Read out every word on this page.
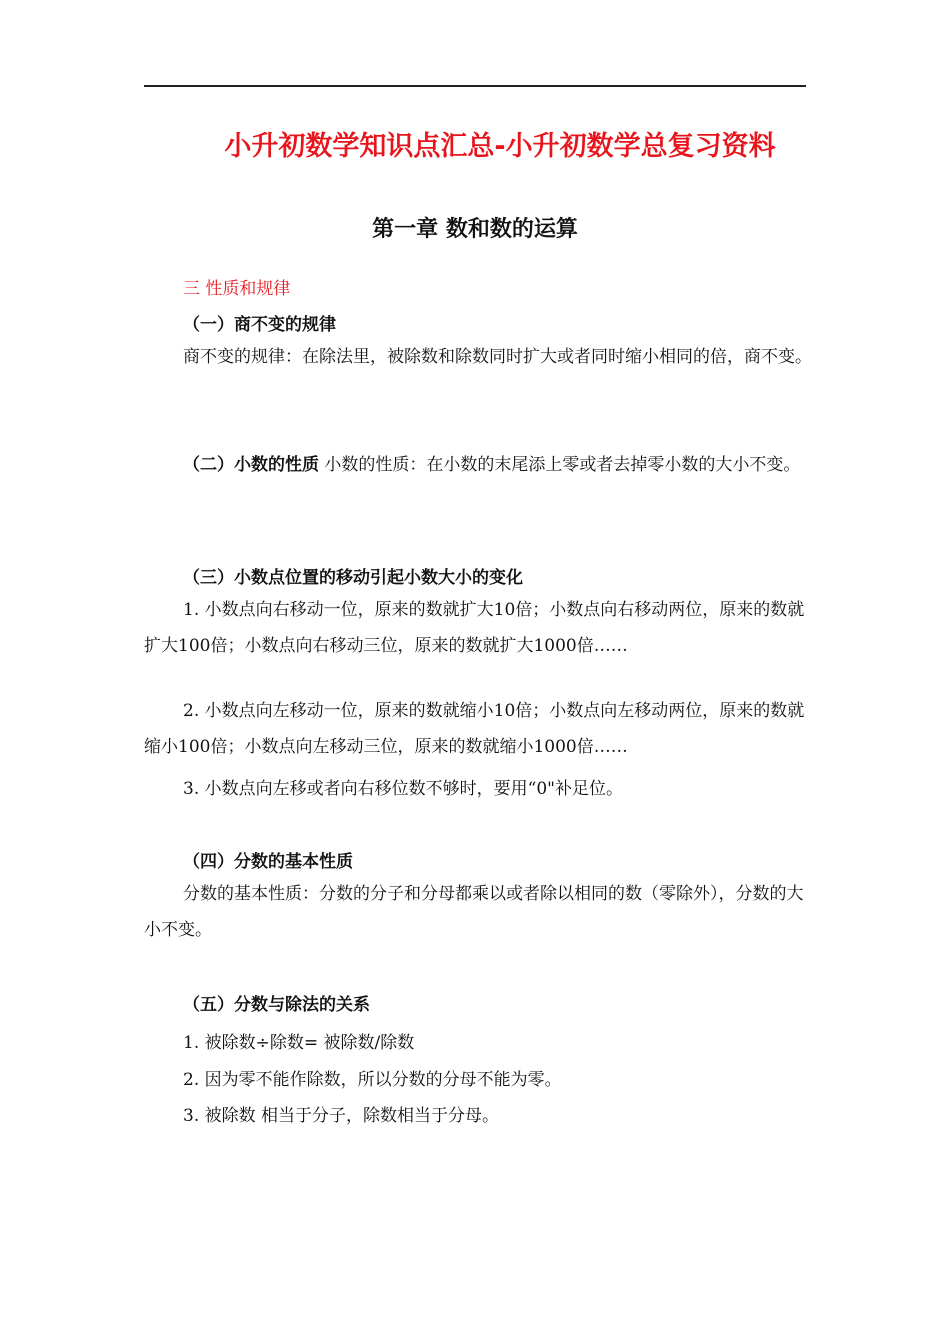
小升初数学知识点汇总-小升初数学总复习资料
第一章 数和数的运算
三 性质和规律
（一）商不变的规律
商不变的规律：在除法里，被除数和除数同时扩大或者同时缩小相同的倍，商不变。
（二）小数的性质 小数的性质：在小数的末尾添上零或者去掉零小数的大小不变。
（三）小数点位置的移动引起小数大小的变化
1. 小数点向右移动一位，原来的数就扩大10倍；小数点向右移动两位，原来的数就扩大100倍；小数点向右移动三位，原来的数就扩大1000倍……
2. 小数点向左移动一位，原来的数就缩小10倍；小数点向左移动两位，原来的数就缩小100倍；小数点向左移动三位，原来的数就缩小1000倍……
3. 小数点向左移或者向右移位数不够时，要用“0"补足位。
（四）分数的基本性质
分数的基本性质：分数的分子和分母都乘以或者除以相同的数（零除外），分数的大小不变。
（五）分数与除法的关系
1. 被除数÷除数= 被除数/除数
2. 因为零不能作除数，所以分数的分母不能为零。
3. 被除数 相当于分子，除数相当于分母。
